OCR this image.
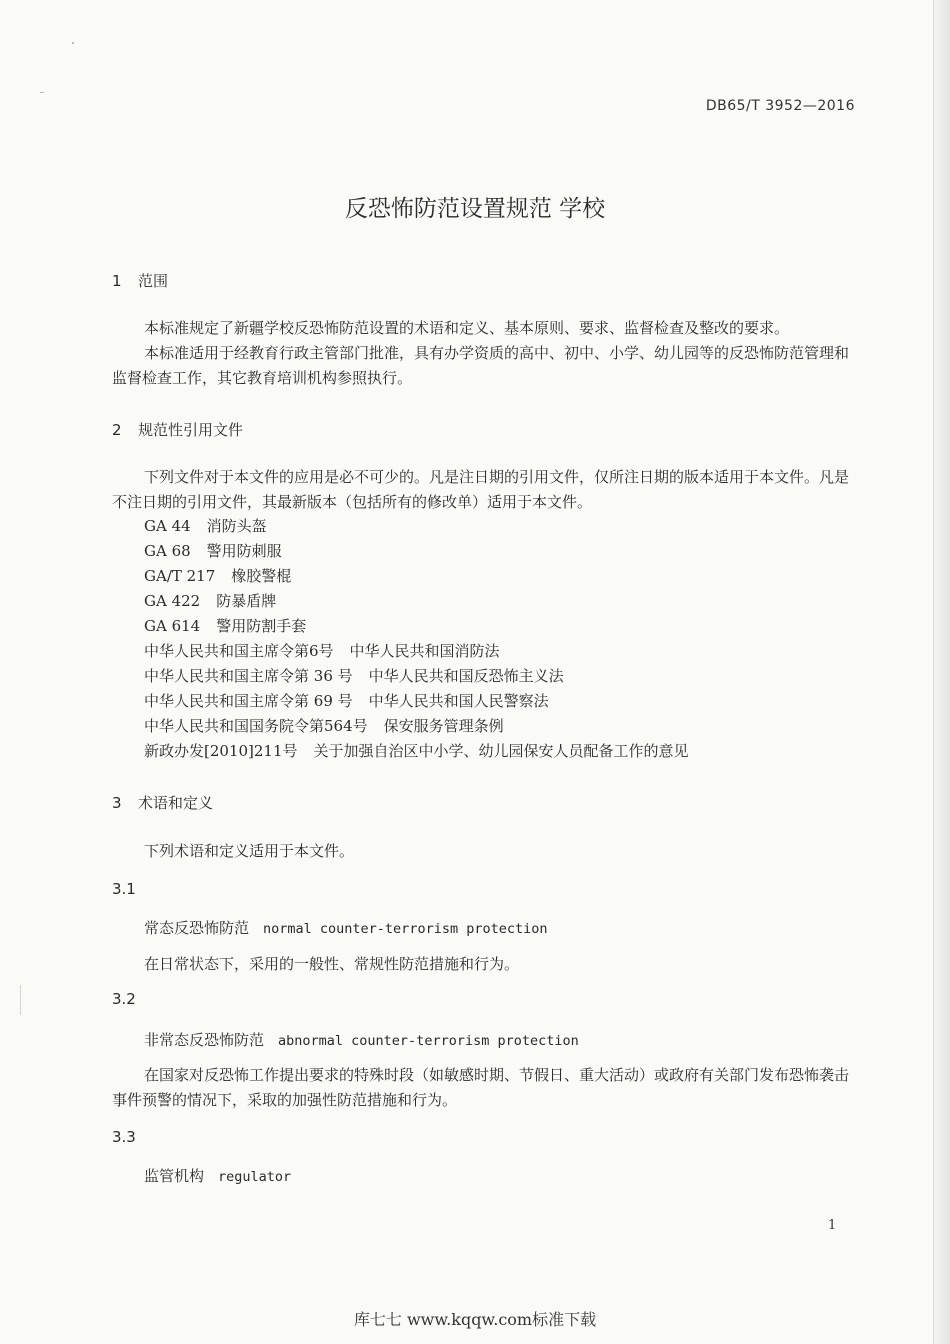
DB65/T 3952—2016
反恐怖防范设置规范 学校
1 范围
本标准规定了新疆学校反恐怖防范设置的术语和定义、基本原则、要求、监督检查及整改的要求。
本标准适用于经教育行政主管部门批准，具有办学资质的高中、初中、小学、幼儿园等的反恐怖防范管理和监督检查工作，其它教育培训机构参照执行。
2 规范性引用文件
下列文件对于本文件的应用是必不可少的。凡是注日期的引用文件，仅所注日期的版本适用于本文件。凡是不注日期的引用文件，其最新版本（包括所有的修改单）适用于本文件。
GA 44 消防头盔
GA 68 警用防刺服
GA/T 217 橡胶警棍
GA 422 防暴盾牌
GA 614 警用防割手套
中华人民共和国主席令第6号 中华人民共和国消防法
中华人民共和国主席令第 36 号 中华人民共和国反恐怖主义法
中华人民共和国主席令第 69 号 中华人民共和国人民警察法
中华人民共和国国务院令第564号 保安服务管理条例
新政办发[2010]211号 关于加强自治区中小学、幼儿园保安人员配备工作的意见
3 术语和定义
下列术语和定义适用于本文件。
3.1
常态反恐怖防范 normal counter-terrorism protection
在日常状态下，采用的一般性、常规性防范措施和行为。
3.2
非常态反恐怖防范 abnormal counter-terrorism protection
在国家对反恐怖工作提出要求的特殊时段（如敏感时期、节假日、重大活动）或政府有关部门发布恐怖袭击事件预警的情况下，采取的加强性防范措施和行为。
3.3
监管机构 regulator
1
库七七 www.kqqw.com标准下载
